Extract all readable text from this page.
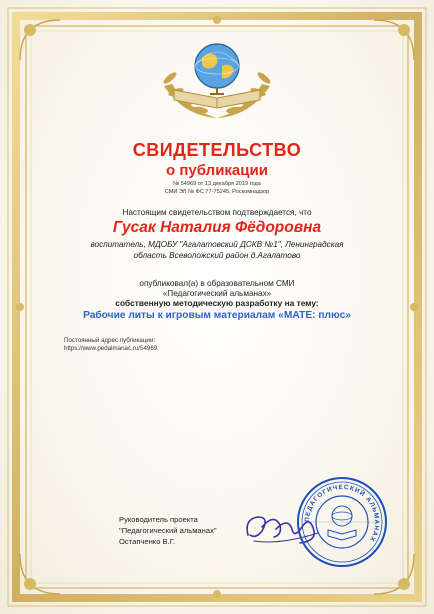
СВИДЕТЕЛЬСТВО
о публикации
№ 54969 от 13 декабря 2019 года
СМИ ЭЛ № ФС 77-75245, Роскомнадзор
Настоящим свидетельством подтверждается, что
Гусак Наталия Фёдоровна
воспитатель, МДОБУ "Агалатовский ДСКВ №1", Ленинградская
область Всеволожский район д.Агалатово
опубликовал(а) в образовательном СМИ
«Педагогический альманах»
собственную методическую разработку на тему:
Рабочие литы к игровым материалам «МАТЕ: плюс»
Постоянный адрес публикации:
https://www.pedalmanac.ru/54969
Руководитель проекта
"Педагогический альманах"
Остапченко В.Г.
ПЕДАГОГИЧЕСКИЙ АЛЬМАНАХ
